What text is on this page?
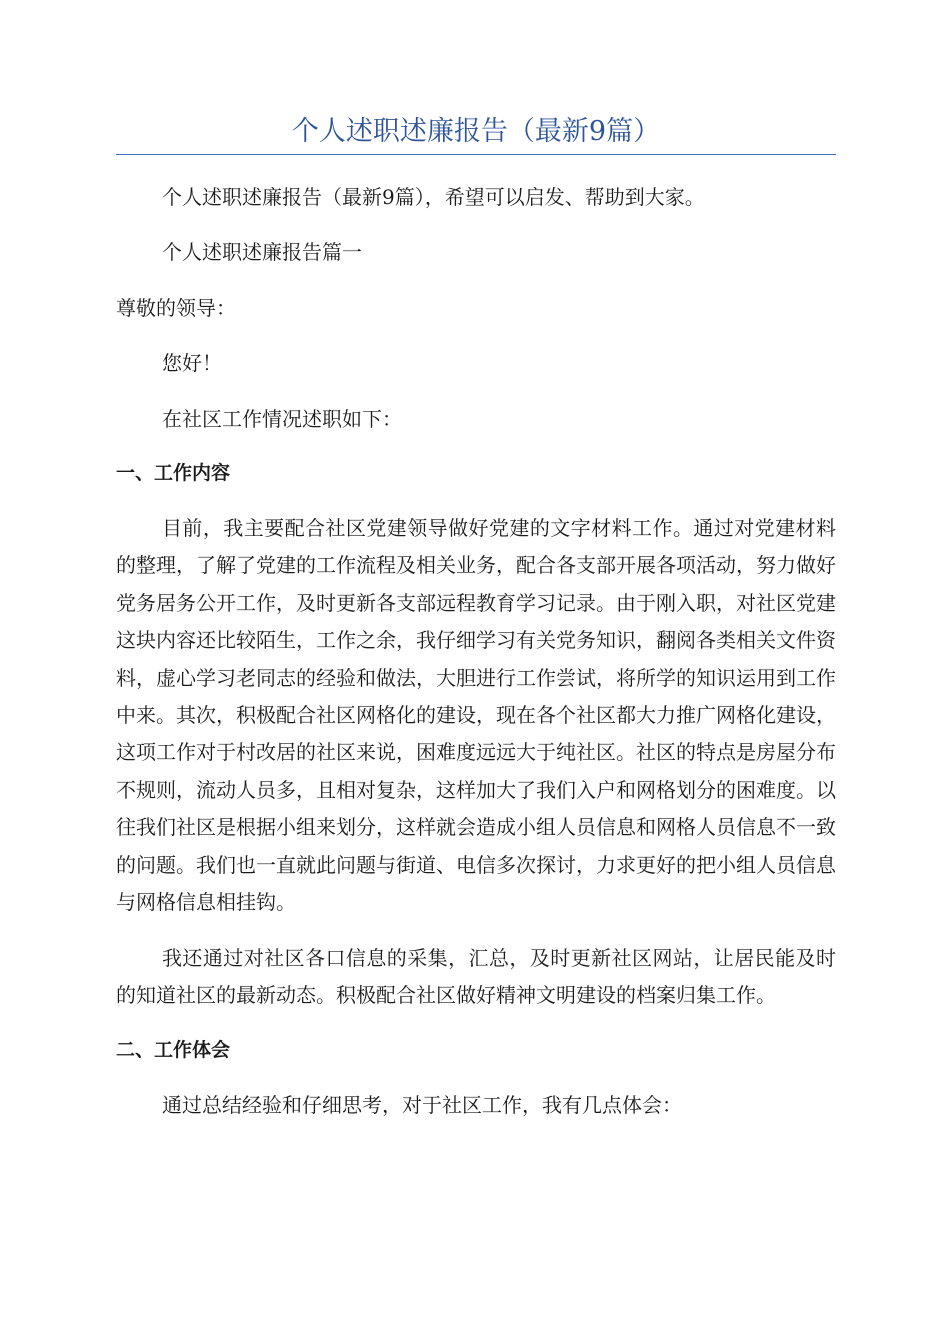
个人述职述廉报告（最新9篇）

个人述职述廉报告（最新9篇），希望可以启发、帮助到大家。

个人述职述廉报告篇一

尊敬的领导：

您好！

在社区工作情况述职如下：

一、工作内容

目前，我主要配合社区党建领导做好党建的文字材料工作。通过对党建材料的整理，了解了党建的工作流程及相关业务，配合各支部开展各项活动，努力做好党务居务公开工作，及时更新各支部远程教育学习记录。由于刚入职，对社区党建这块内容还比较陌生，工作之余，我仔细学习有关党务知识，翻阅各类相关文件资料，虚心学习老同志的经验和做法，大胆进行工作尝试，将所学的知识运用到工作中来。其次，积极配合社区网格化的建设，现在各个社区都大力推广网格化建设，这项工作对于村改居的社区来说，困难度远远大于纯社区。社区的特点是房屋分布不规则，流动人员多，且相对复杂，这样加大了我们入户和网格划分的困难度。以往我们社区是根据小组来划分，这样就会造成小组人员信息和网格人员信息不一致的问题。我们也一直就此问题与街道、电信多次探讨，力求更好的把小组人员信息与网格信息相挂钩。

我还通过对社区各口信息的采集，汇总，及时更新社区网站，让居民能及时的知道社区的最新动态。积极配合社区做好精神文明建设的档案归集工作。

二、工作体会

通过总结经验和仔细思考，对于社区工作，我有几点体会：
